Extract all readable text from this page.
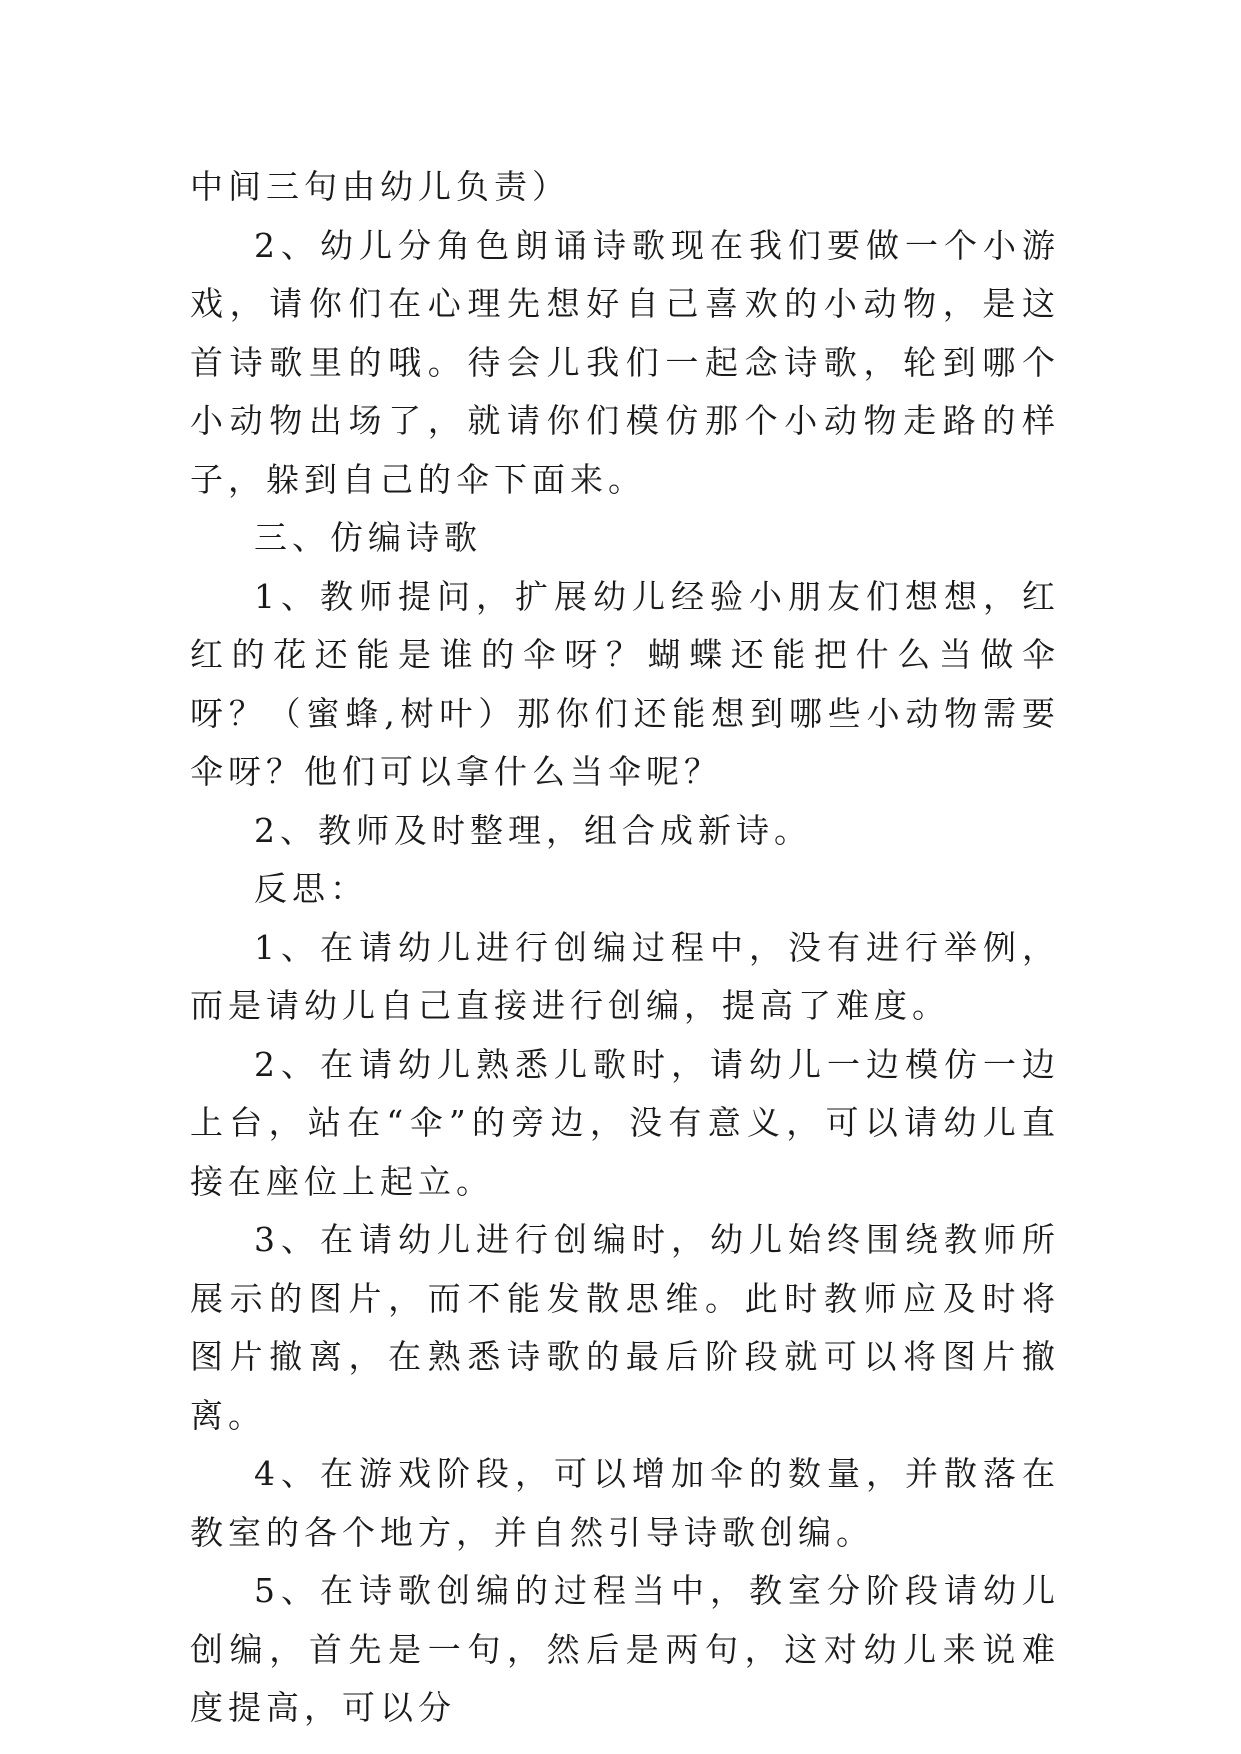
中间三句由幼儿负责）

2、幼儿分角色朗诵诗歌现在我们要做一个小游戏，请你们在心理先想好自己喜欢的小动物，是这首诗歌里的哦。待会儿我们一起念诗歌，轮到哪个小动物出场了，就请你们模仿那个小动物走路的样子，躲到自己的伞下面来。

三、仿编诗歌

1、教师提问，扩展幼儿经验小朋友们想想，红红的花还能是谁的伞呀？蝴蝶还能把什么当做伞呀？（蜜蜂,树叶）那你们还能想到哪些小动物需要伞呀？他们可以拿什么当伞呢？

2、教师及时整理，组合成新诗。

反思：

1、在请幼儿进行创编过程中，没有进行举例，而是请幼儿自己直接进行创编，提高了难度。

2、在请幼儿熟悉儿歌时，请幼儿一边模仿一边上台，站在“伞”的旁边，没有意义，可以请幼儿直接在座位上起立。

3、在请幼儿进行创编时，幼儿始终围绕教师所展示的图片，而不能发散思维。此时教师应及时将图片撤离，在熟悉诗歌的最后阶段就可以将图片撤离。

4、在游戏阶段，可以增加伞的数量，并散落在教室的各个地方，并自然引导诗歌创编。

5、在诗歌创编的过程当中，教室分阶段请幼儿创编，首先是一句，然后是两句，这对幼儿来说难度提高，可以分
